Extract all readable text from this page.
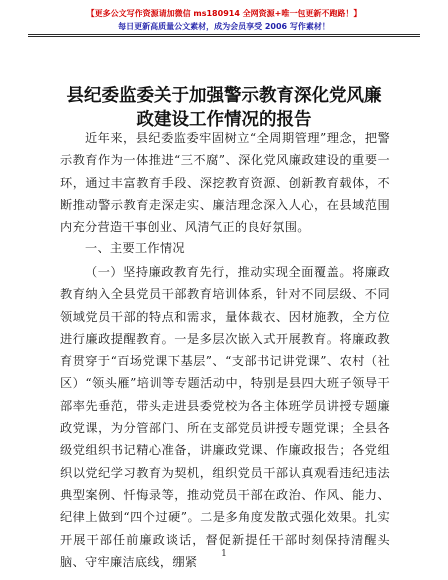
【更多公文写作资源请加微信 ms180914 全网资源+唯一包更新不跑路！】
每日更新高质量公文素材，成为会员享受 2006 写作素材！
县纪委监委关于加强警示教育深化党风廉政建设工作情况的报告
近年来，县纪委监委牢固树立“全周期管理”理念，把警示教育作为一体推进“三不腐”、深化党风廉政建设的重要一环，通过丰富教育手段、深挖教育资源、创新教育载体，不断推动警示教育走深走实、廉洁理念深入人心，在县域范围内充分营造干事创业、风清气正的良好氛围。
一、主要工作情况
（一）坚持廉政教育先行，推动实现全面覆盖。将廉政教育纳入全县党员干部教育培训体系，针对不同层级、不同领域党员干部的特点和需求，量体裁衣、因材施教，全方位进行廉政提醒教育。一是多层次嵌入式开展教育。将廉政教育贯穿于“百场党课下基层”、“支部书记讲党课”、农村（社区）“领头雁”培训等专题活动中，特别是县四大班子领导干部率先垂范，带头走进县委党校为各主体班学员讲授专题廉政党课，为分管部门、所在支部党员讲授专题党课；全县各级党组织书记精心准备，讲廉政党课、作廉政报告；各党组织以党纪学习教育为契机，组织党员干部认真观看违纪违法典型案例、忏悔录等，推动党员干部在政治、作风、能力、纪律上做到“四个过硬”。二是多角度发散式强化效果。扎实开展干部任前廉政谈话，督促新提任干部时刻保持清醒头脑、守牢廉洁底线，绷紧
1
